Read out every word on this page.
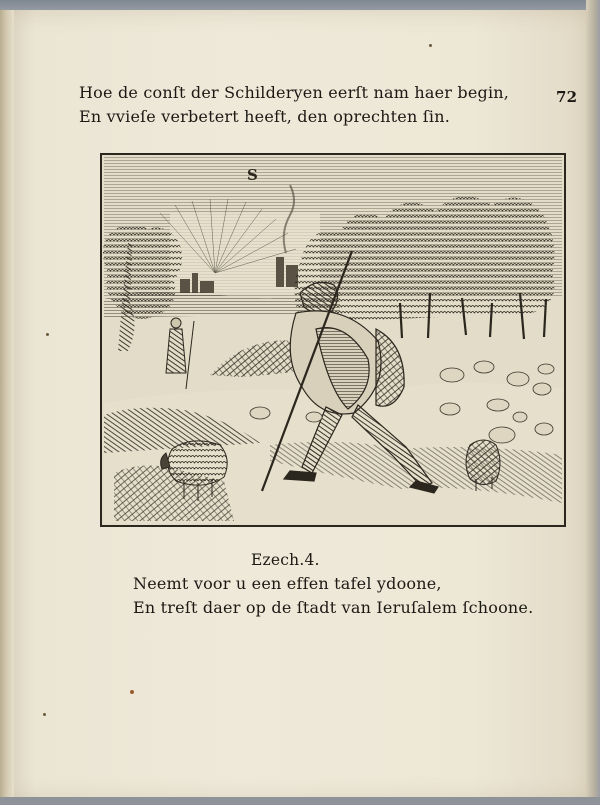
Hoe de conſt der Schilderyen eerſt nam haer begin,

En vvieſe verbetert heeft, den oprechten ſin.

72

S

Ezech.4.

Neemt voor u een effen tafel ydoone,

En treſt daer op de ſtadt van Ieruſalem ſchoone.
